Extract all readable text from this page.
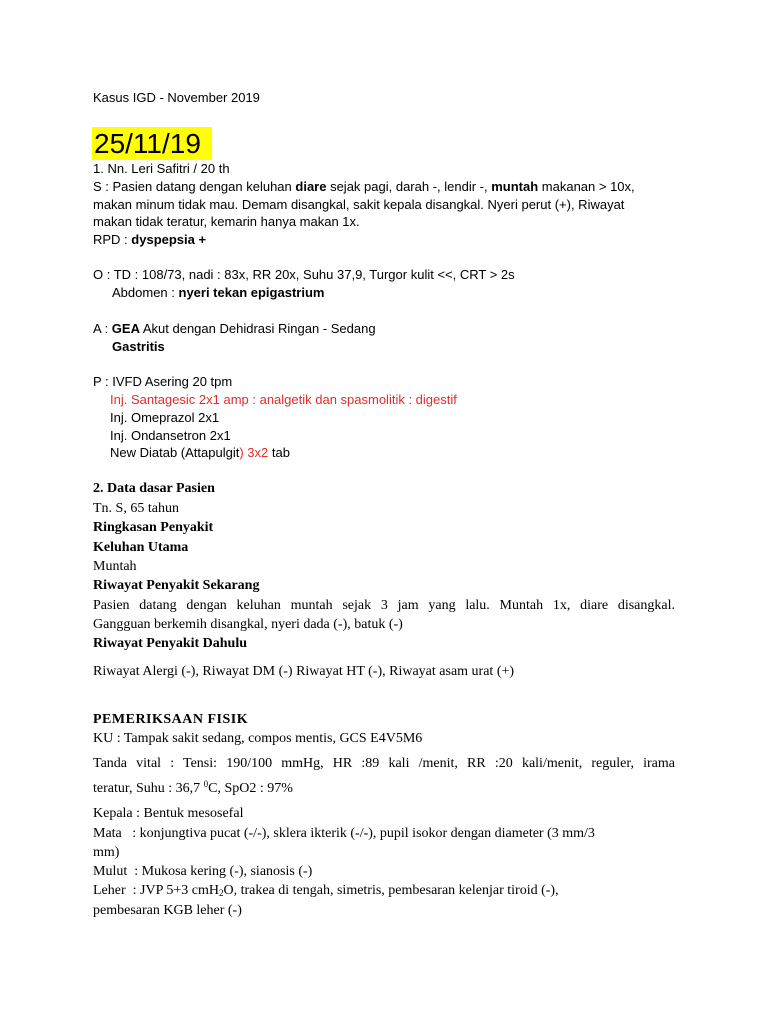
Kasus IGD - November 2019
25/11/19
1. Nn. Leri Safitri / 20 th
S : Pasien datang dengan keluhan diare sejak pagi, darah -, lendir -, muntah makanan > 10x,
makan minum tidak mau. Demam disangkal, sakit kepala disangkal. Nyeri perut (+), Riwayat
makan tidak teratur, kemarin hanya makan 1x.
RPD : dyspepsia +
O : TD : 108/73, nadi : 83x, RR 20x, Suhu 37,9, Turgor kulit <<, CRT > 2s
Abdomen : nyeri tekan epigastrium
A : GEA Akut dengan Dehidrasi Ringan - Sedang
Gastritis
P : IVFD Asering 20 tpm
Inj. Santagesic 2x1 amp : analgetik dan spasmolitik : digestif
Inj. Omeprazol 2x1
Inj. Ondansetron 2x1
New Diatab (Attapulgit) 3x2 tab
2. Data dasar Pasien
Tn. S, 65 tahun
Ringkasan Penyakit
Keluhan Utama
Muntah
Riwayat Penyakit Sekarang
Pasien datang dengan keluhan muntah sejak 3 jam yang lalu. Muntah 1x, diare disangkal.
Gangguan berkemih disangkal, nyeri dada (-), batuk (-)
Riwayat Penyakit Dahulu
Riwayat Alergi (-), Riwayat DM (-) Riwayat HT (-), Riwayat asam urat (+)
PEMERIKSAAN FISIK
KU : Tampak sakit sedang, compos mentis, GCS E4V5M6
Tanda vital : Tensi: 190/100 mmHg, HR :89 kali /menit, RR :20 kali/menit, reguler, irama
teratur, Suhu : 36,7 $^0$C, SpO2 : 97%
Kepala : Bentuk mesosefal
Mata   : konjungtiva pucat (-/-), sklera ikterik (-/-), pupil isokor dengan diameter (3 mm/3
mm)
Mulut  : Mukosa kering (-), sianosis (-)
Leher  : JVP 5+3 cmH$_2$O, trakea di tengah, simetris, pembesaran kelenjar tiroid (-),
pembesaran KGB leher (-)
